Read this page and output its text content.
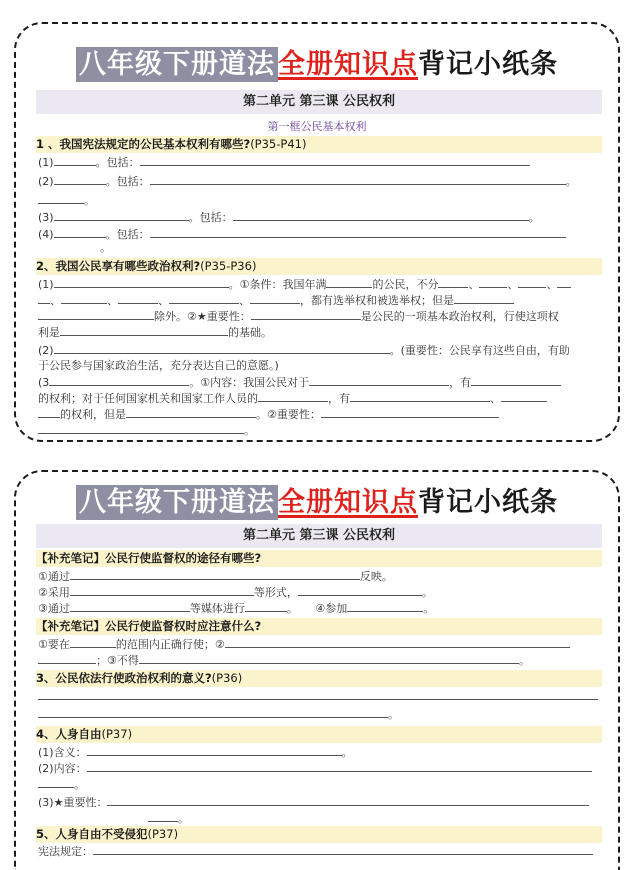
八年级下册道法 全册知识点背记小纸条
第二单元 第三课 公民权利
第一框公民基本权利
1 、我国宪法规定的公民基本权利有哪些?(P35-P41)
(1)	。包括：
(2)	。包括：	。
。
(3)	。包括：	。
(4)	。包括：
。
2、我国公民享有哪些政治权利?(P35-P36)
(1)	。①条件：我国年满	的公民，不分	、	、	、
、	、	、	、	，都有选举权和被选举权；但是
除外。②★重要性：	是公民的一项基本政治权利，行使这项权
利是	的基础。
(2)	。(重要性：公民享有这些自由，有助
于公民参与国家政治生活，充分表达自己的意愿。)
(3	。①内容：我国公民对于	，有
的权利；对于任何国家机关和国家工作人员的	，有	、
的权利，但是	。②重要性：
。
八年级下册道法 全册知识点背记小纸条
第二单元 第三课 公民权利
【补充笔记】公民行使监督权的途径有哪些?
①通过	反映。
②采用	等形式，	。
③通过	等媒体进行	。 ④参加	。
【补充笔记】公民行使监督权时应注意什么?
①要在	的范围内正确行使；②
；③不得	。
3、公民依法行使政治权利的意义?(P36)
。
4、人身自由(P37)
(1)含义：	。
(2)内容：
。
(3)★重要性：
。
5、人身自由不受侵犯(P37)
宪法规定：
